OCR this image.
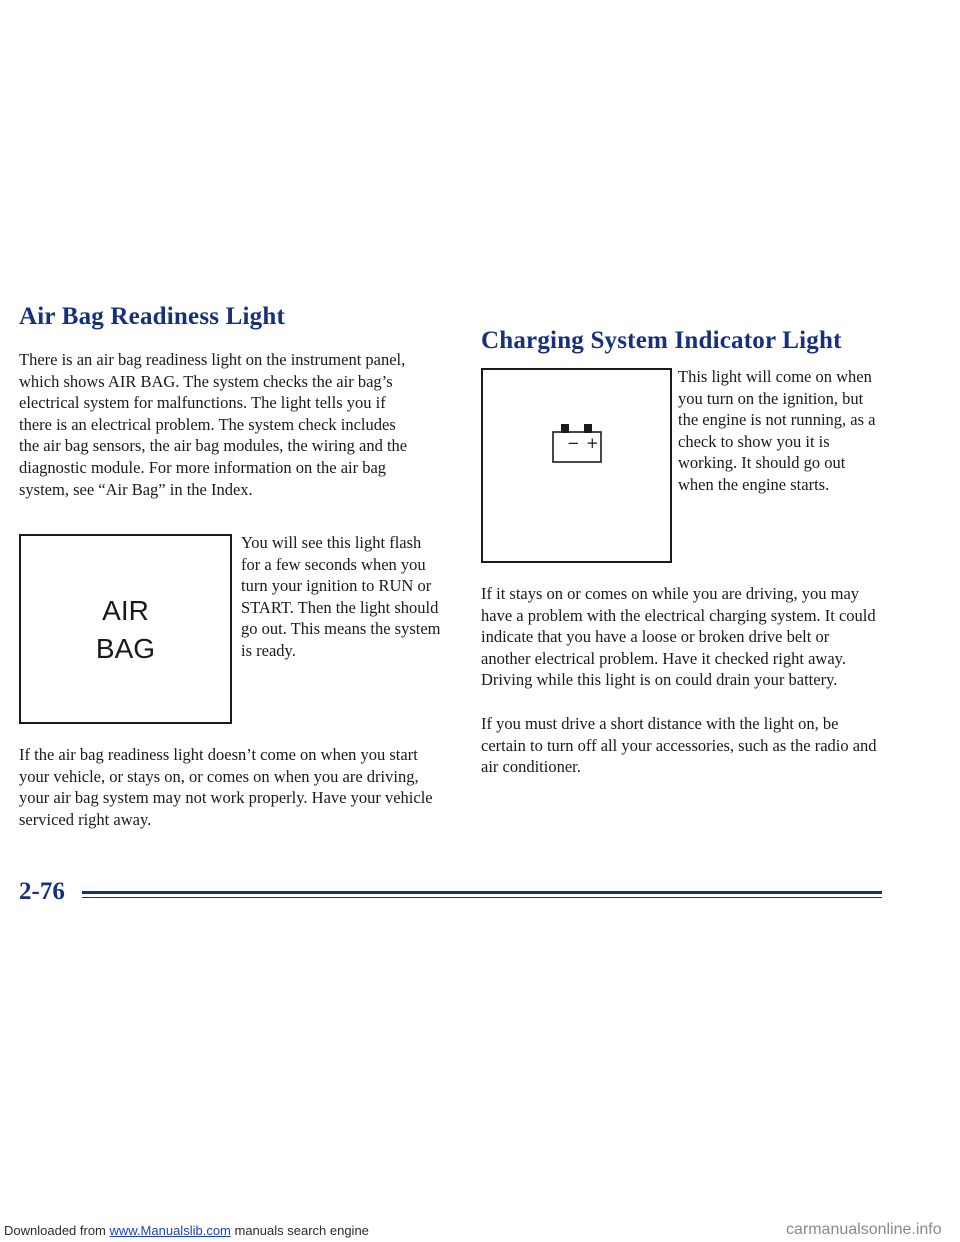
Air Bag Readiness Light

There is an air bag readiness light on the instrument panel, which shows AIR BAG. The system checks the air bag’s electrical system for malfunctions. The light tells you if there is an electrical problem. The system check includes the air bag sensors, the air bag modules, the wiring and the diagnostic module. For more information on the air bag system, see “Air Bag” in the Index.

AIR
BAG

You will see this light flash for a few seconds when you turn your ignition to RUN or START. Then the light should go out. This means the system is ready.

If the air bag readiness light doesn’t come on when you start your vehicle, or stays on, or comes on when you are driving, your air bag system may not work properly. Have your vehicle serviced right away.

Charging System Indicator Light
− +

This light will come on when you turn on the ignition, but the engine is not running, as a check to show you it is working. It should go out when the engine starts.

If it stays on or comes on while you are driving, you may have a problem with the electrical charging system. It could indicate that you have a loose or broken drive belt or another electrical problem. Have it checked right away. Driving while this light is on could drain your battery.

If you must drive a short distance with the light on, be certain to turn off all your accessories, such as the radio and air conditioner.

2-76
Downloaded from www.Manualslib.com manuals search engine	carmanualsonline.info
